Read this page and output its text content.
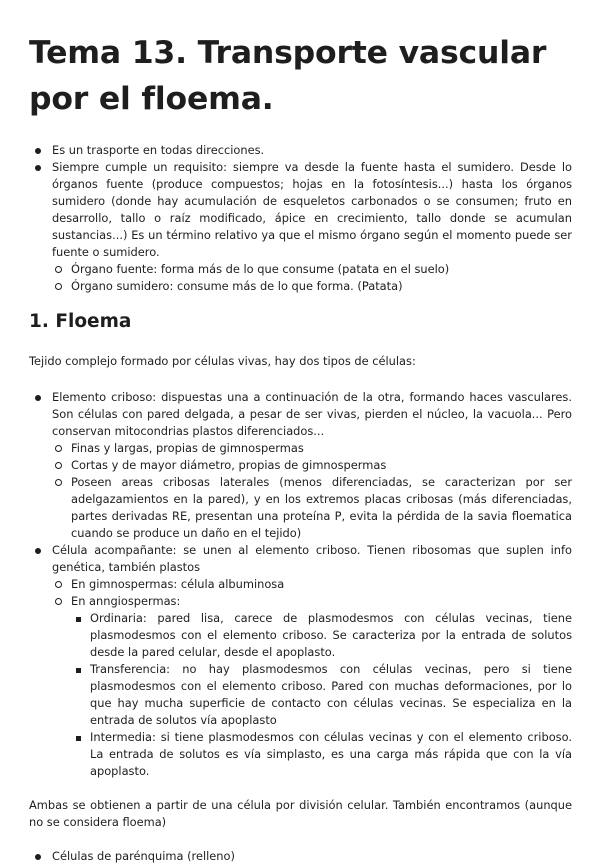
Tema 13. Transporte vascular por el floema.
Es un trasporte en todas direcciones.
Siempre cumple un requisito: siempre va desde la fuente hasta el sumidero. Desde lo órganos fuente (produce compuestos; hojas en la fotosíntesis...) hasta los órganos sumidero (donde hay acumulación de esqueletos carbonados o se consumen; fruto en desarrollo, tallo o raíz modificado, ápice en crecimiento, tallo donde se acumulan sustancias...) Es un término relativo ya que el mismo órgano según el momento puede ser fuente o sumidero.
Órgano fuente: forma más de lo que consume (patata en el suelo)
Órgano sumidero: consume más de lo que forma. (Patata)
1. Floema

Tejido complejo formado por células vivas, hay dos tipos de células:

Elemento criboso: dispuestas una a continuación de la otra, formando haces vasculares. Son células con pared delgada, a pesar de ser vivas, pierden el núcleo, la vacuola... Pero conservan mitocondrias plastos diferenciados...
Finas y largas, propias de gimnospermas
Cortas y de mayor diámetro, propias de gimnospermas
Poseen areas cribosas laterales (menos diferenciadas, se caracterizan por ser adelgazamientos en la pared), y en los extremos placas cribosas (más diferenciadas, partes derivadas RE, presentan una proteína P, evita la pérdida de la savia floematica cuando se produce un daño en el tejido)
Célula acompañante: se unen al elemento criboso. Tienen ribosomas que suplen info genética, también plastos
En gimnospermas: célula albuminosa
En anngiospermas:
Ordinaria: pared lisa, carece de plasmodesmos con células vecinas, tiene plasmodesmos con el elemento criboso. Se caracteriza por la entrada de solutos desde la pared celular, desde el apoplasto.
Transferencia: no hay plasmodesmos con células vecinas, pero si tiene plasmodesmos con el elemento criboso. Pared con muchas deformaciones, por lo que hay mucha superficie de contacto con células vecinas. Se especializa en la entrada de solutos vía apoplasto
Intermedia: si tiene plasmodesmos con células vecinas y con el elemento criboso. La entrada de solutos es vía simplasto, es una carga más rápida que con la vía apoplasto.

Ambas se obtienen a partir de una célula por división celular. También encontramos (aunque no se considera floema)

Células de parénquima (relleno)
